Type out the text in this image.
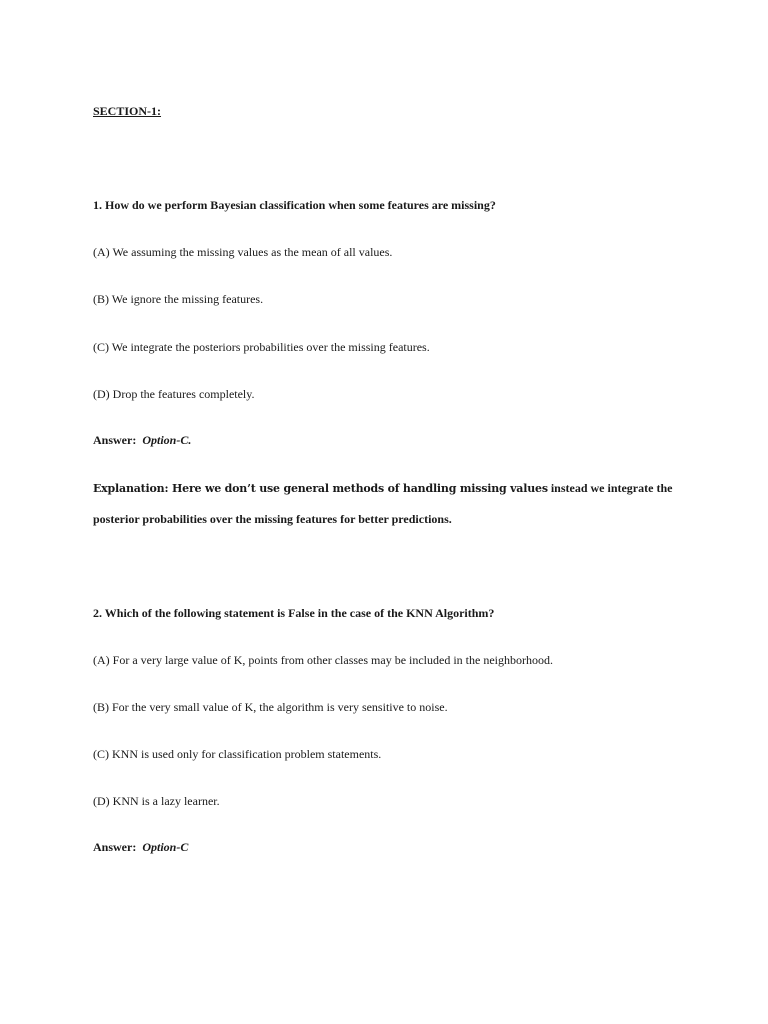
SECTION-1:
1. How do we perform Bayesian classification when some features are missing?
(A) We assuming the missing values as the mean of all values.
(B) We ignore the missing features.
(C) We integrate the posteriors probabilities over the missing features.
(D) Drop the features completely.
Answer: Option-C.
Explanation: Here we don’t use general methods of handling missing values instead we integrate the
posterior probabilities over the missing features for better predictions.
2. Which of the following statement is False in the case of the KNN Algorithm?
(A) For a very large value of K, points from other classes may be included in the neighborhood.
(B) For the very small value of K, the algorithm is very sensitive to noise.
(C) KNN is used only for classification problem statements.
(D) KNN is a lazy learner.
Answer: Option-C
